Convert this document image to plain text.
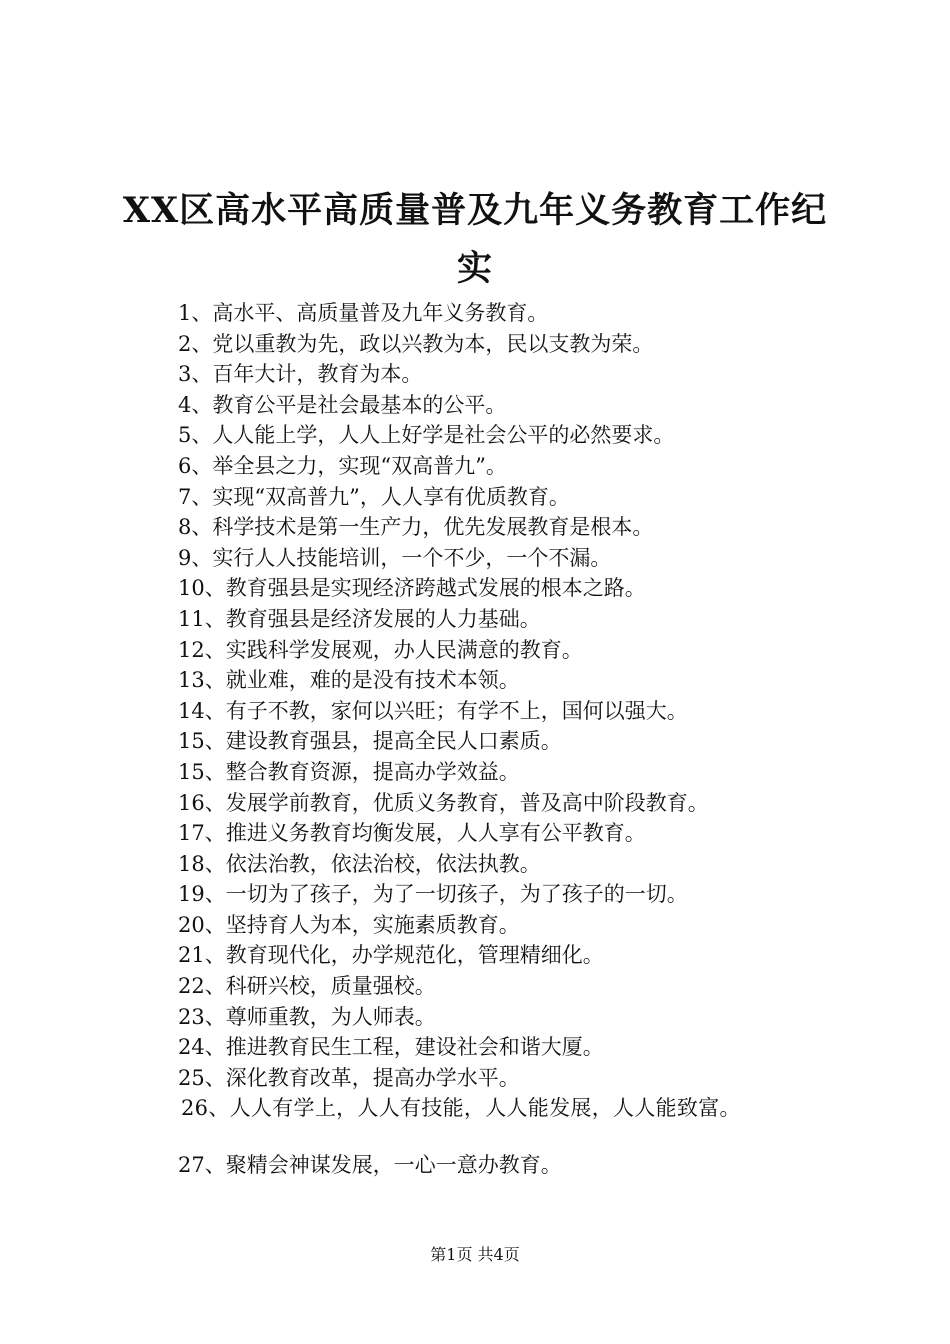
XX区高水平高质量普及九年义务教育工作纪
实
1、高水平、高质量普及九年义务教育。
2、党以重教为先，政以兴教为本，民以支教为荣。
3、百年大计，教育为本。
4、教育公平是社会最基本的公平。
5、人人能上学，人人上好学是社会公平的必然要求。
6、举全县之力，实现“双高普九”。
7、实现“双高普九”，人人享有优质教育。
8、科学技术是第一生产力，优先发展教育是根本。
9、实行人人技能培训，一个不少，一个不漏。
10、教育强县是实现经济跨越式发展的根本之路。
11、教育强县是经济发展的人力基础。
12、实践科学发展观，办人民满意的教育。
13、就业难，难的是没有技术本领。
14、有子不教，家何以兴旺；有学不上，国何以强大。
15、建设教育强县，提高全民人口素质。
15、整合教育资源，提高办学效益。
16、发展学前教育，优质义务教育，普及高中阶段教育。
17、推进义务教育均衡发展，人人享有公平教育。
18、依法治教，依法治校，依法执教。
19、一切为了孩子，为了一切孩子，为了孩子的一切。
20、坚持育人为本，实施素质教育。
21、教育现代化，办学规范化，管理精细化。
22、科研兴校，质量强校。
23、尊师重教，为人师表。
24、推进教育民生工程，建设社会和谐大厦。
25、深化教育改革，提高办学水平。
26、人人有学上，人人有技能，人人能发展，人人能致富。
27、聚精会神谋发展，一心一意办教育。
第1页 共4页
